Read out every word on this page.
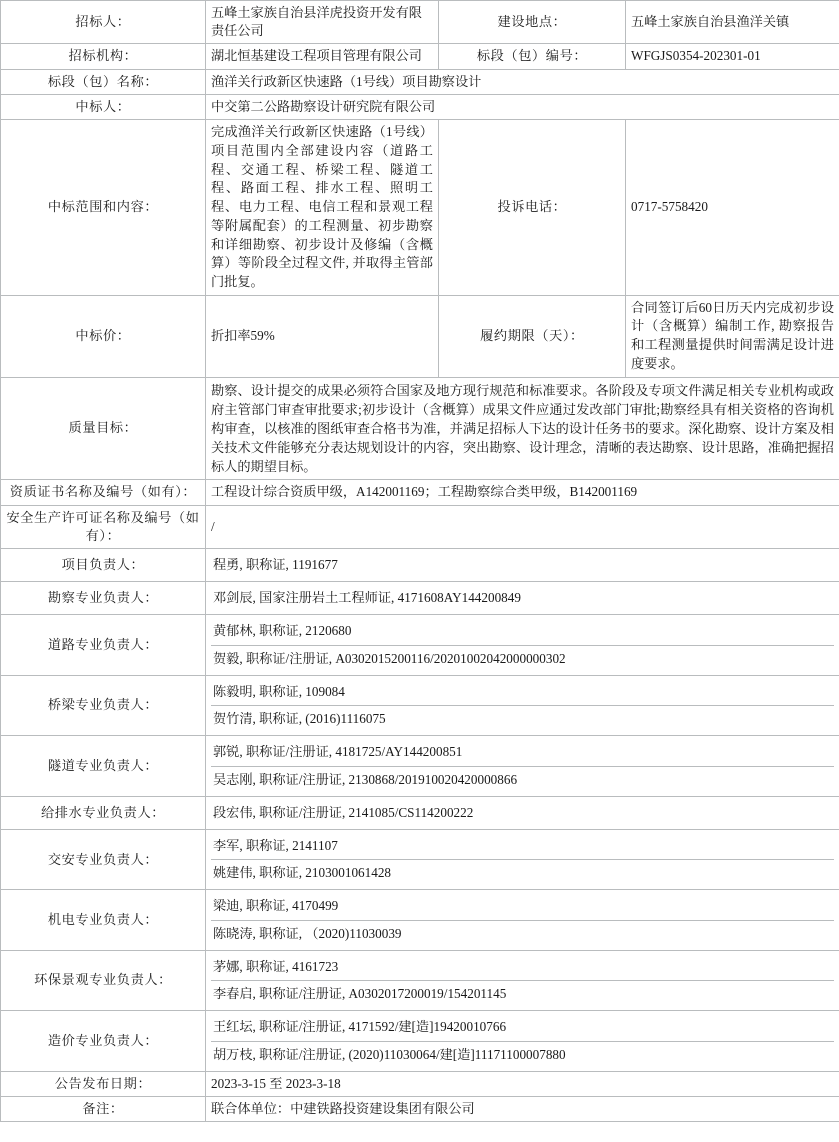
招标人：	五峰土家族自治县洋虎投资开发有限责任公司	建设地点：	五峰土家族自治县渔洋关镇
招标机构：	湖北恒基建设工程项目管理有限公司	标段（包）编号：	WFGJS0354-202301-01
标段（包）名称：	渔洋关行政新区快速路（1号线）项目勘察设计		
中标人：	中交第二公路勘察设计研究院有限公司		
中标范围和内容：	完成渔洋关行政新区快速路（1号线）项目范围内全部建设内容（道路工程、交通工程、桥梁工程、隧道工程、路面工程、排水工程、照明工程、电力工程、电信工程和景观工程等附属配套）的工程测量、初步勘察和详细勘察、初步设计及修编（含概算）等阶段全过程文件, 并取得主管部门批复。	投诉电话：	0717-5758420
中标价：	折扣率59%	履约期限（天）：	合同签订后60日历天内完成初步设计（含概算）编制工作, 勘察报告和工程测量提供时间需满足设计进度要求。

质量目标：	勘察、设计提交的成果必须符合国家及地方现行规范和标准要求。各阶段及专项文件满足相关专业机构或政府主管部门审查审批要求;初步设计（含概算）成果文件应通过发改部门审批;勘察经具有相关资格的咨询机构审查，以核准的图纸审查合格书为准，并满足招标人下达的设计任务书的要求。深化勘察、设计方案及相关技术文件能够充分表达规划设计的内容，突出勘察、设计理念，清晰的表达勘察、设计思路，准确把握招标人的期望目标。		

资质证书名称及编号（如有）：	工程设计综合资质甲级，A142001169；工程勘察综合类甲级，B142001169		
安全生产许可证名称及编号（如有）：	/		
项目负责人：	程勇, 职称证, 1191677		

勘察专业负责人：	邓剑辰, 国家注册岩土工程师证, 4171608AY144200849		

道路专业负责人：	黄郁林, 职称证, 2120680
贺毅, 职称证/注册证, A0302015200116/20201002042000000302		

桥梁专业负责人：	陈毅明, 职称证, 109084
贺竹清, 职称证, (2016)1116075		

隧道专业负责人：	郭锐, 职称证/注册证, 4181725/AY144200851
吴志刚, 职称证/注册证, 2130868/201910020420000866		

给排水专业负责人：	段宏伟, 职称证/注册证, 2141085/CS114200222		

交安专业负责人：	李军, 职称证, 2141107
姚建伟, 职称证, 2103001061428		

机电专业负责人：	梁迪, 职称证, 4170499
陈晓涛, 职称证, （2020)11030039		

环保景观专业负责人：	茅娜, 职称证, 4161723
李春启, 职称证/注册证, A0302017200019/154201145		

造价专业负责人：	王红坛, 职称证/注册证, 4171592/建[造]19420010766
胡万枝, 职称证/注册证, (2020)11030064/建[造]11171100007880		

公告发布日期：	2023-3-15 至 2023-3-18		
备注：	联合体单位：中建铁路投资建设集团有限公司		
